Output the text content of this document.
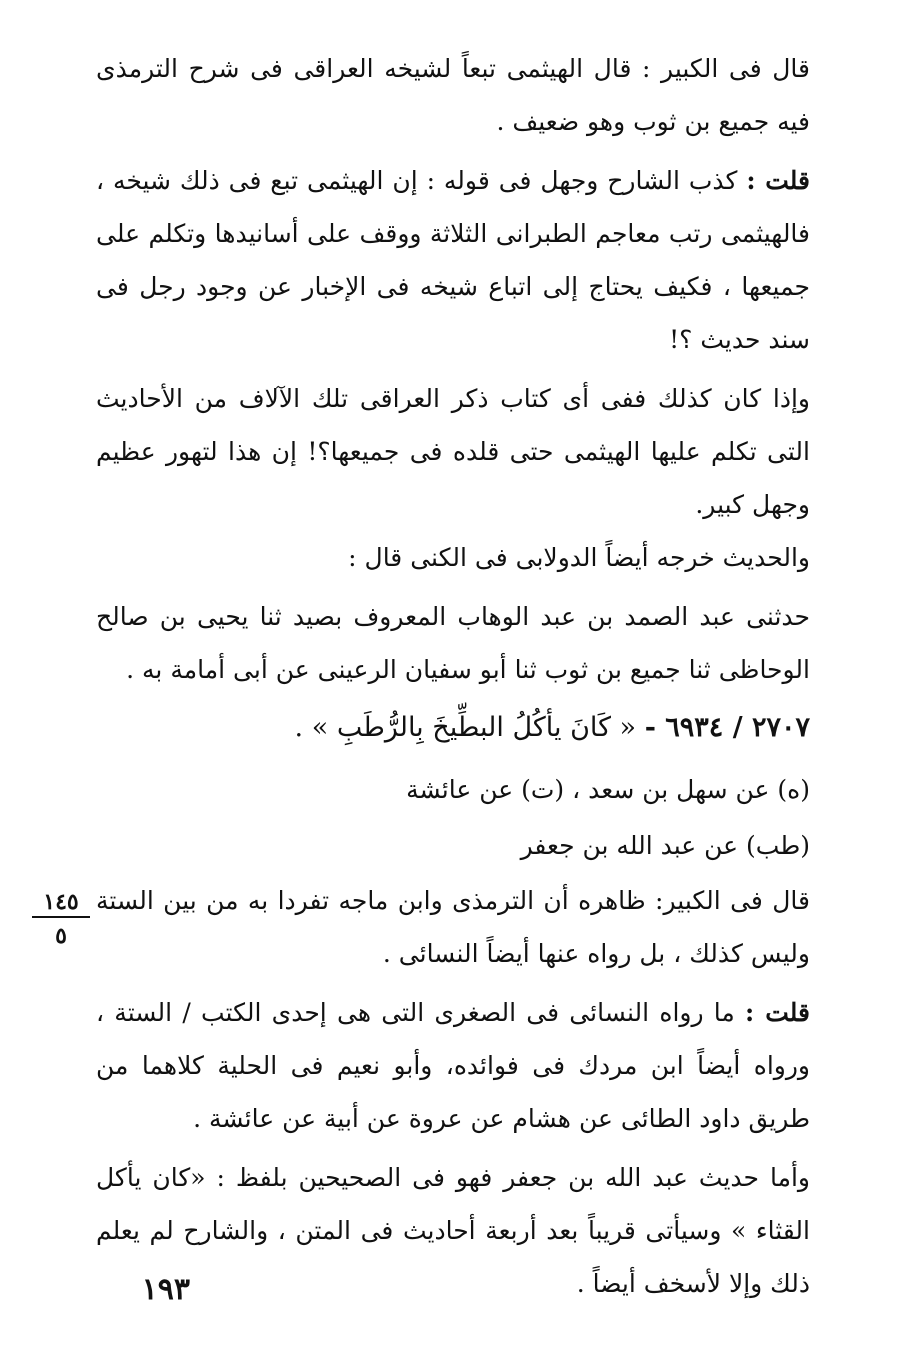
قال فى الكبير : قال الهيثمى تبعاً لشيخه العراقى فى شرح الترمذى فيه جميع بن ثوب وهو ضعيف .

قلت : كذب الشارح وجهل فى قوله : إن الهيثمى تبع فى ذلك شيخه ، فالهيثمى رتب معاجم الطبرانى الثلاثة ووقف على أسانيدها وتكلم على جميعها ، فكيف يحتاج إلى اتباع شيخه فى الإخبار عن وجود رجل فى سند حديث ؟!

وإذا كان كذلك ففى أى كتاب ذكر العراقى تلك الآلاف من الأحاديث التى تكلم عليها الهيثمى حتى قلده فى جميعها؟! إن هذا لتهور عظيم وجهل كبير.

والحديث خرجه أيضاً الدولابى فى الكنى قال :

حدثنى عبد الصمد بن عبد الوهاب المعروف بصيد ثنا يحيى بن صالح الوحاظى ثنا جميع بن ثوب ثنا أبو سفيان الرعينى عن أبى أمامة به .

٢٧٠٧ / ٦٩٣٤ - « كَانَ يأكُلُ البطِّيخَ بِالرُّطَبِ » .

(ه) عن سهل بن سعد ، (ت) عن عائشة

(طب) عن عبد الله بن جعفر

قال فى الكبير: ظاهره أن الترمذى وابن ماجه تفردا به من بين الستة وليس كذلك ، بل رواه عنها أيضاً النسائى .

قلت : ما رواه النسائى فى الصغرى التى هى إحدى الكتب / الستة ، ورواه أيضاً ابن مردك فى فوائده، وأبو نعيم فى الحلية كلاهما من طريق داود الطائى عن هشام عن عروة عن أبية عن عائشة .

وأما حديث عبد الله بن جعفر فهو فى الصحيحين بلفظ : «كان يأكل القثاء » وسيأتى قريباً بعد أربعة أحاديث فى المتن ، والشارح لم يعلم ذلك وإلا لأسخف أيضاً .

١٤٥
٥
١٩٣
